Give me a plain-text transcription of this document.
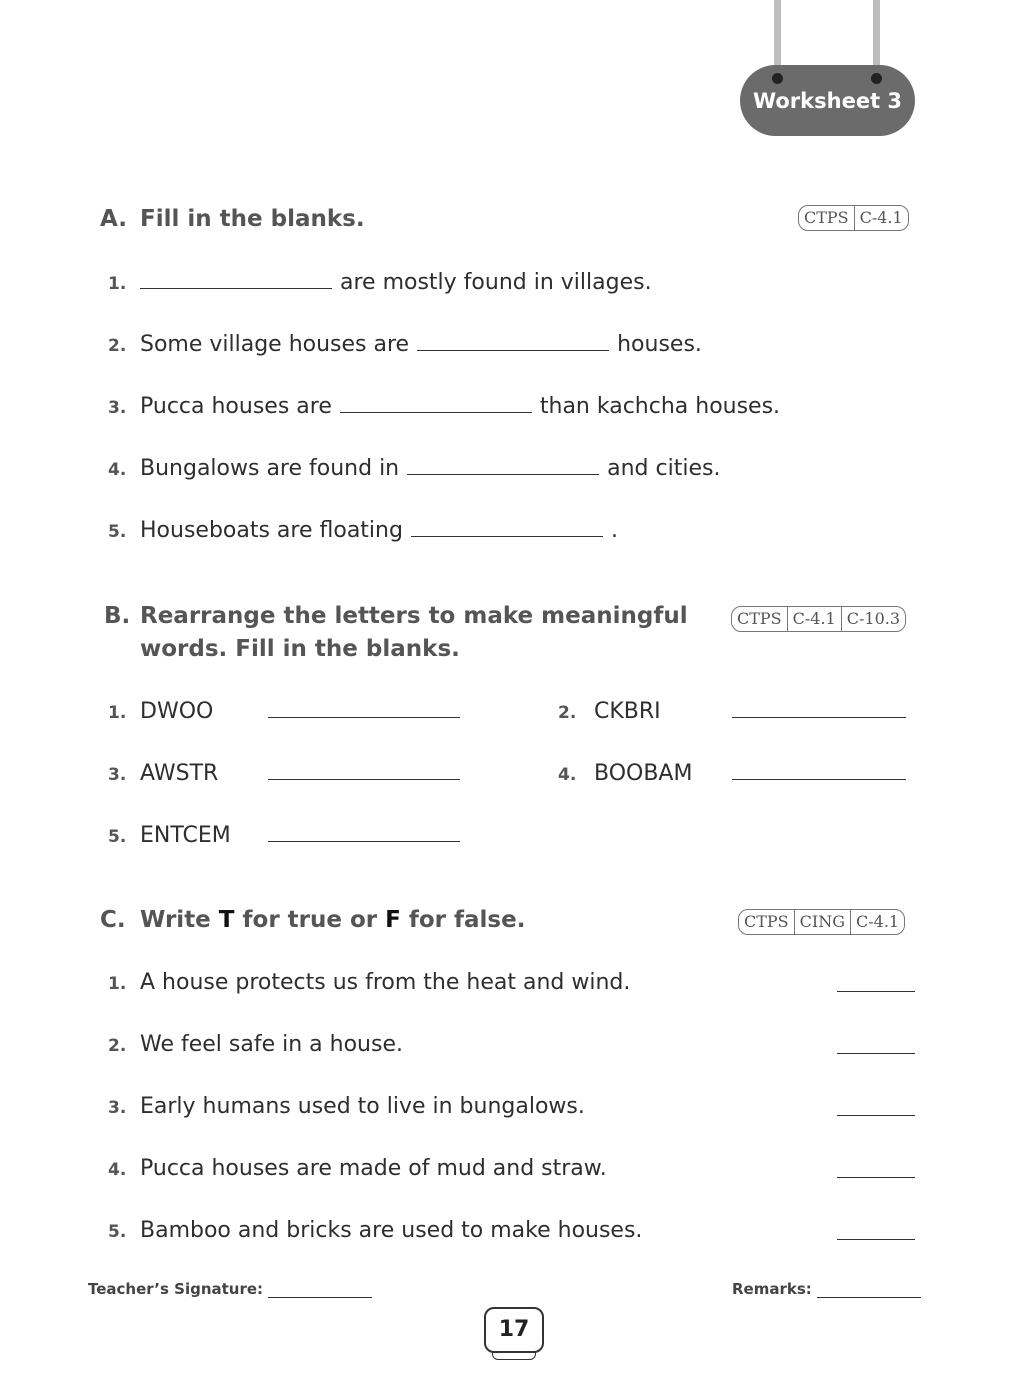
Worksheet 3
A. Fill in the blanks.	CTPS C-4.1
1.	are mostly found in villages.
2. Some village houses are	houses.
3. Pucca houses are	than kachcha houses.
4. Bungalows are found in	and cities.
5. Houseboats are floating	.
B. Rearrange the letters to make meaningful
words. Fill in the blanks.
CTPS C-4.1 C-10.3
1. DWOO	2. CKBRI
3. AWSTR	4. BOOBAM
5. ENTCEM
C. Write T for true or F for false.	CTPS CING C-4.1
1. A house protects us from the heat and wind.
2. We feel safe in a house.
3. Early humans used to live in bungalows.
4. Pucca houses are made of mud and straw.
5. Bamboo and bricks are used to make houses.
Teacher’s Signature:	Remarks:
17
